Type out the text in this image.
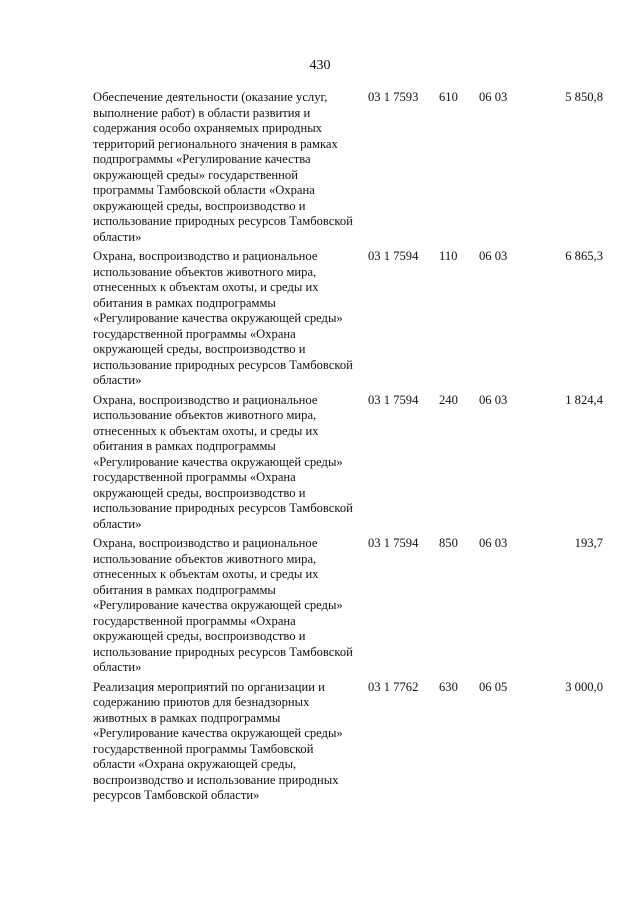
430
Обеспечение деятельности (оказание услуг, выполнение работ) в области развития и содержания особо охраняемых природных территорий регионального значения в рамках подпрограммы «Регулирование качества окружающей среды» государственной программы Тамбовской области «Охрана окружающей среды, воспроизводство и использование природных ресурсов Тамбовской области»
03 1 7593	610	06 03	5 850,8
Охрана, воспроизводство и рациональное использование объектов животного мира, отнесенных к объектам охоты, и среды их обитания в рамках подпрограммы «Регулирование качества окружающей среды» государственной программы «Охрана окружающей среды, воспроизводство и использование природных ресурсов Тамбовской области»
03 1 7594	110	06 03	6 865,3
Охрана, воспроизводство и рациональное использование объектов животного мира, отнесенных к объектам охоты, и среды их обитания в рамках подпрограммы «Регулирование качества окружающей среды» государственной программы «Охрана окружающей среды, воспроизводство и использование природных ресурсов Тамбовской области»
03 1 7594	240	06 03	1 824,4
Охрана, воспроизводство и рациональное использование объектов животного мира, отнесенных к объектам охоты, и среды их обитания в рамках подпрограммы «Регулирование качества окружающей среды» государственной программы «Охрана окружающей среды, воспроизводство и использование природных ресурсов Тамбовской области»
03 1 7594	850	06 03	193,7
Реализация мероприятий по организации и содержанию приютов для безнадзорных животных в рамках подпрограммы «Регулирование качества окружающей среды» государственной программы Тамбовской области «Охрана окружающей среды, воспроизводство и использование природных ресурсов Тамбовской области»
03 1 7762	630	06 05	3 000,0
